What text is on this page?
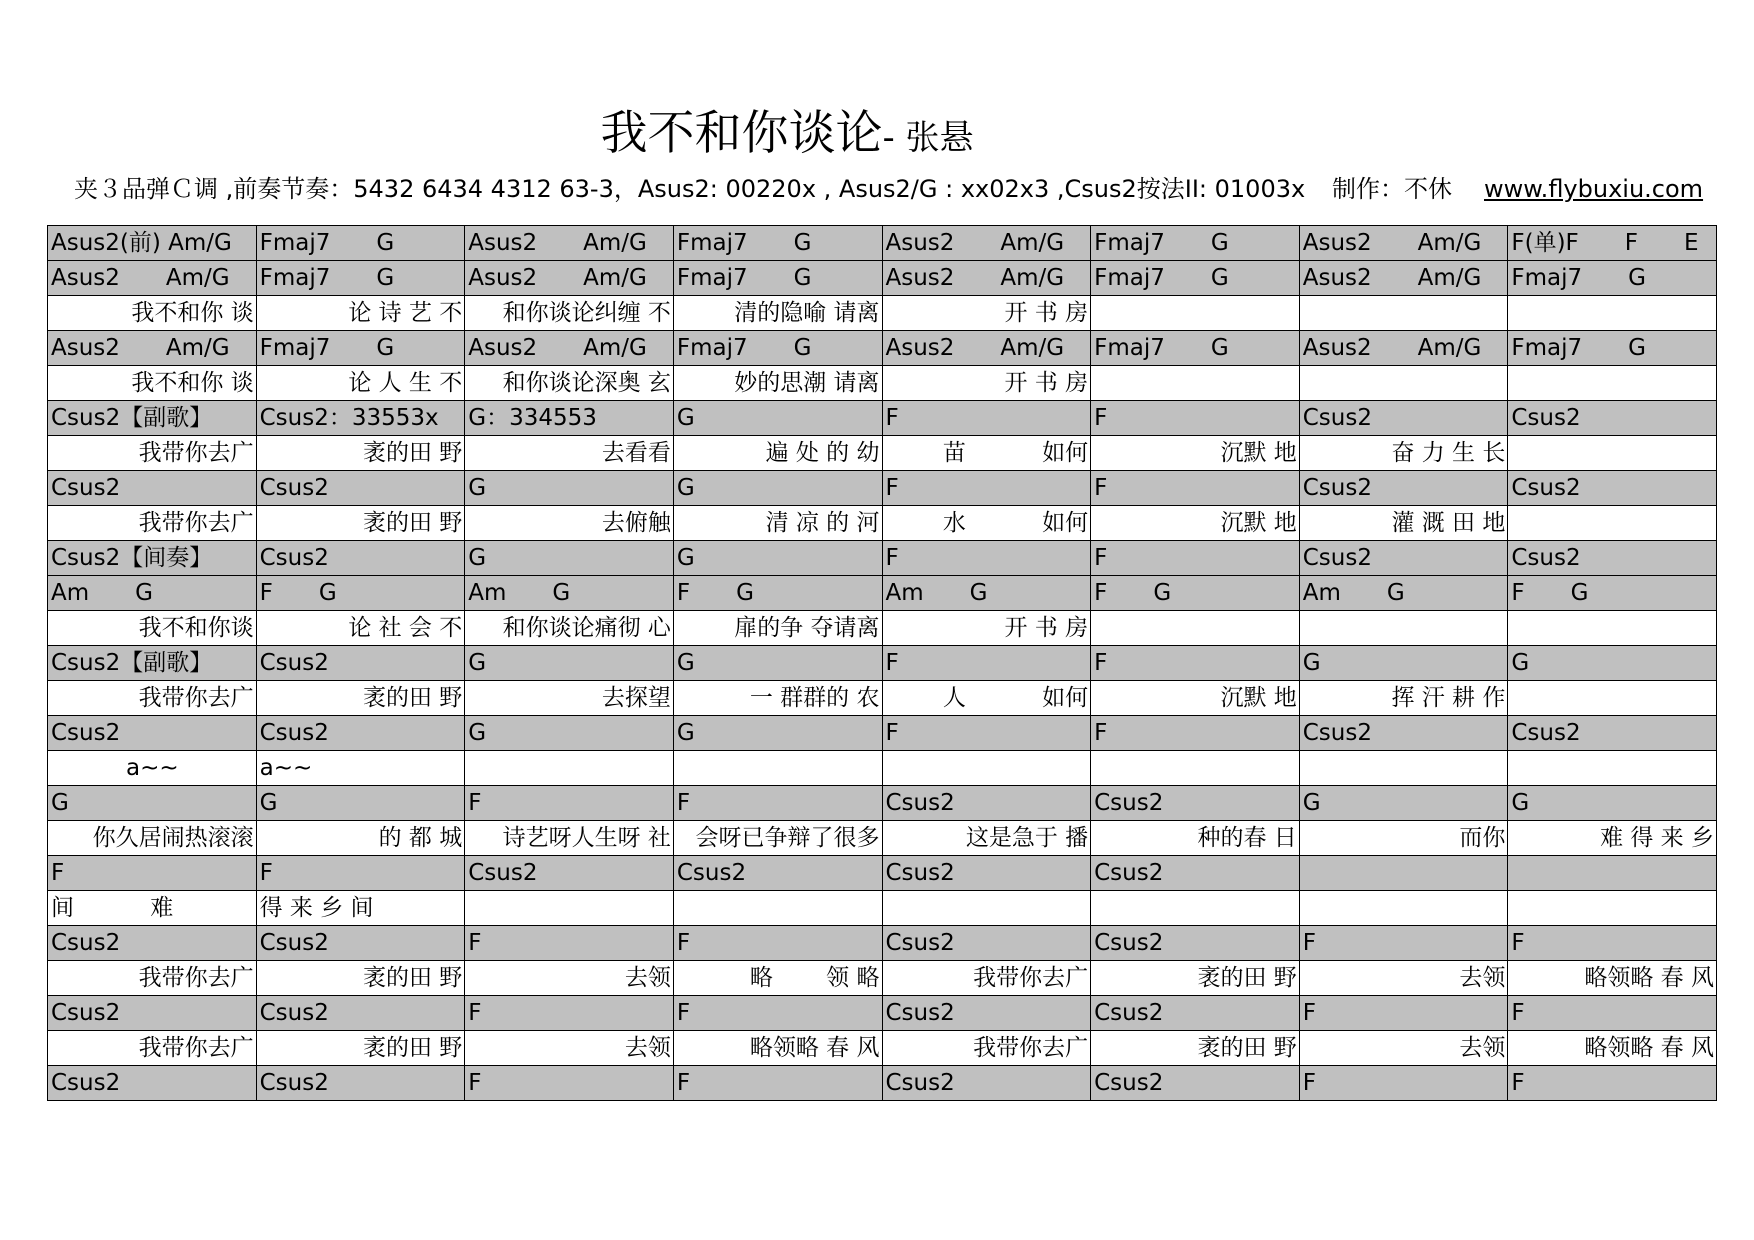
我不和你谈论- 张悬
夹３品弹Ｃ调 ,前奏节奏：5432 6434 4312 63-3，Asus2: 00220x , Asus2/G : xx02x3 ,Csus2按法II: 01003x 制作：不休 www.flybuxiu.com
Asus2(前) Am/G	Fmaj7　　G	Asus2　　Am/G	Fmaj7　　G	Asus2　　Am/G	Fmaj7　　G	Asus2　　Am/G	F(单)F　　F　　E
Asus2　　Am/G	Fmaj7　　G	Asus2　　Am/G	Fmaj7　　G	Asus2　　Am/G	Fmaj7　　G	Asus2　　Am/G	Fmaj7　　G
我不和你 谈	论 诗 艺 不	和你谈论纠缠 不	清的隐喻 请离	开 书 房			
Asus2　　Am/G	Fmaj7　　G	Asus2　　Am/G	Fmaj7　　G	Asus2　　Am/G	Fmaj7　　G	Asus2　　Am/G	Fmaj7　　G
我不和你 谈	论 人 生 不	和你谈论深奥 玄	妙的思潮 请离	开 书 房			
Csus2【副歌】	Csus2：33553x	G：334553	G	F	F	Csus2	Csus2
我带你去广	袤的田 野	去看看	遍 处 的 幼	苗　　　 如何	沉默 地	奋 力 生 长	
Csus2	Csus2	G	G	F	F	Csus2	Csus2
我带你去广	袤的田 野	去俯触	清 凉 的 河	水　　　 如何	沉默 地	灌 溉 田 地	
Csus2【间奏】	Csus2	G	G	F	F	Csus2	Csus2
Am　　G	F　　G	Am　　G	F　　G	Am　　G	F　　G	Am　　G	F　　G
我不和你谈	论 社 会 不	和你谈论痛彻 心	扉的争 夺请离	开 书 房			
Csus2【副歌】	Csus2	G	G	F	F	G	G
我带你去广	袤的田 野	去探望	一 群群的 农	人　　　 如何	沉默 地	挥 汗 耕 作	
Csus2	Csus2	G	G	F	F	Csus2	Csus2
a~~	a~~						
G	G	F	F	Csus2	Csus2	G	G
你久居闹热滚滚	的 都 城	诗艺呀人生呀 社	会呀已争辩了很多	这是急于 播	种的春 日	而你	难 得 来 乡
F	F	Csus2	Csus2	Csus2	Csus2		
间　　　 难	得 来 乡 间						
Csus2	Csus2	F	F	Csus2	Csus2	F	F
我带你去广	袤的田 野	去领	略　　 领 略	我带你去广	袤的田 野	去领	略领略 春 风
Csus2	Csus2	F	F	Csus2	Csus2	F	F
我带你去广	袤的田 野	去领	略领略 春 风	我带你去广	袤的田 野	去领	略领略 春 风
Csus2	Csus2	F	F	Csus2	Csus2	F	F
